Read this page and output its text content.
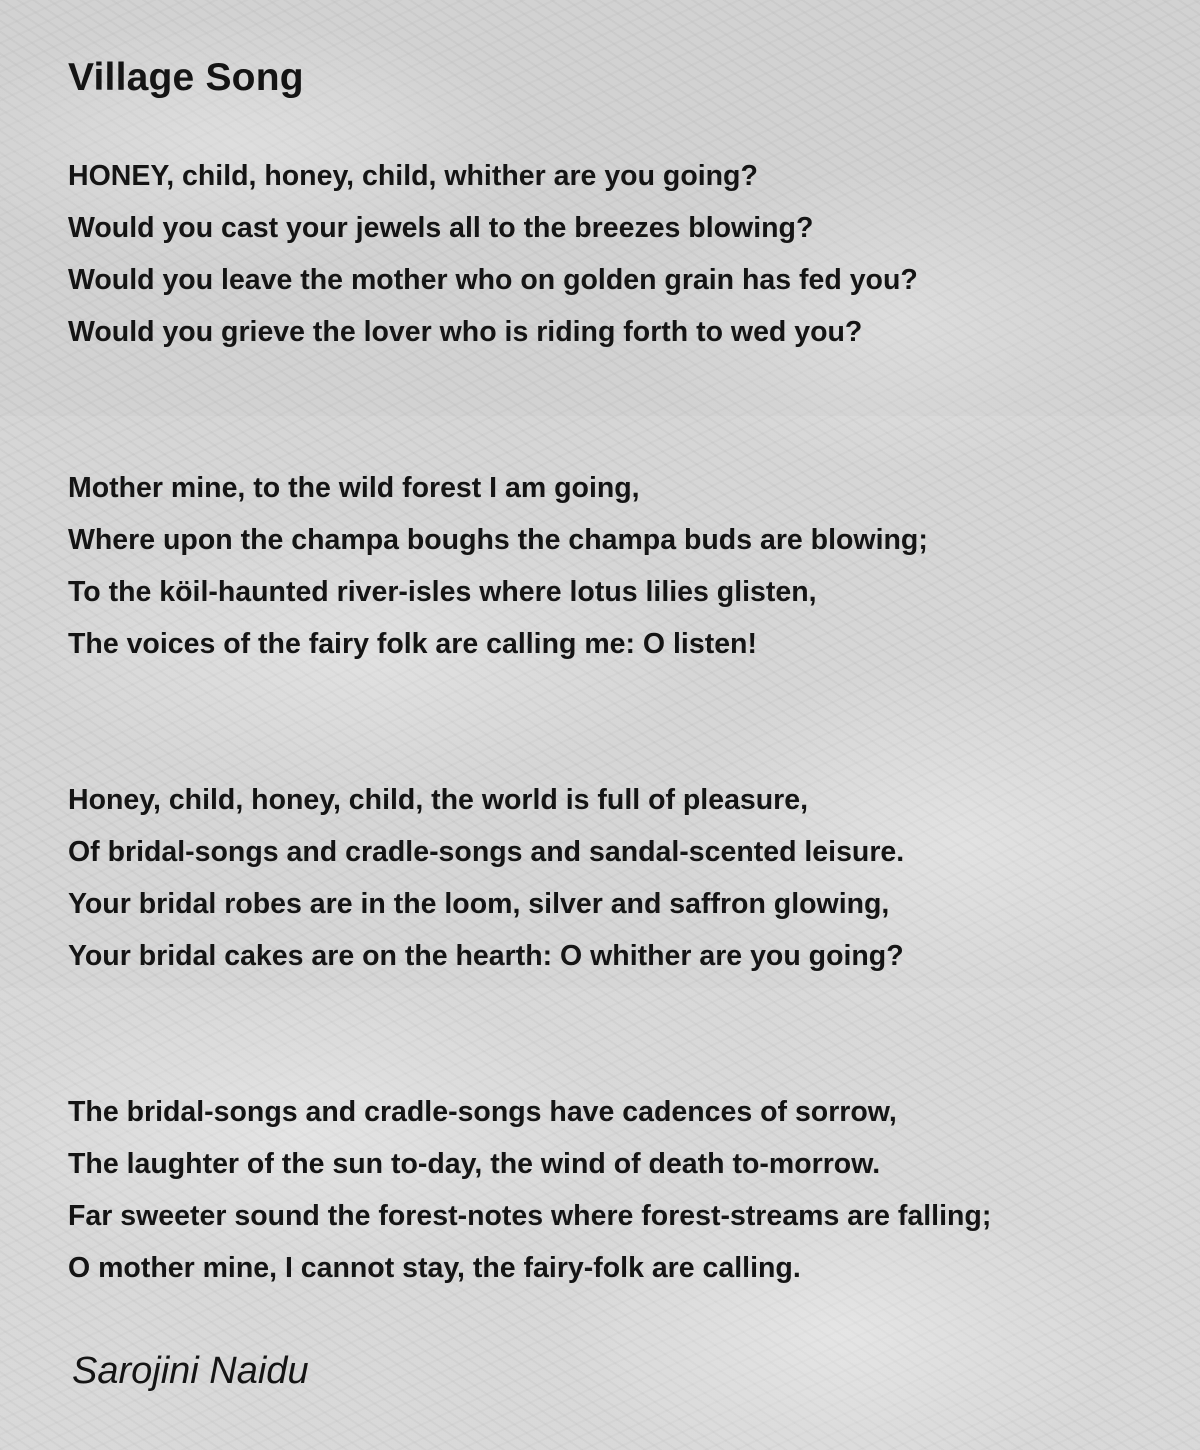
Village Song
HONEY, child, honey, child, whither are you going?
Would you cast your jewels all to the breezes blowing?
Would you leave the mother who on golden grain has fed you?
Would you grieve the lover who is riding forth to wed you?
Mother mine, to the wild forest I am going,
Where upon the champa boughs the champa buds are blowing;
To the köil-haunted river-isles where lotus lilies glisten,
The voices of the fairy folk are calling me: O listen!
Honey, child, honey, child, the world is full of pleasure,
Of bridal-songs and cradle-songs and sandal-scented leisure.
Your bridal robes are in the loom, silver and saffron glowing,
Your bridal cakes are on the hearth: O whither are you going?
The bridal-songs and cradle-songs have cadences of sorrow,
The laughter of the sun to-day, the wind of death to-morrow.
Far sweeter sound the forest-notes where forest-streams are falling;
O mother mine, I cannot stay, the fairy-folk are calling.
Sarojini Naidu
